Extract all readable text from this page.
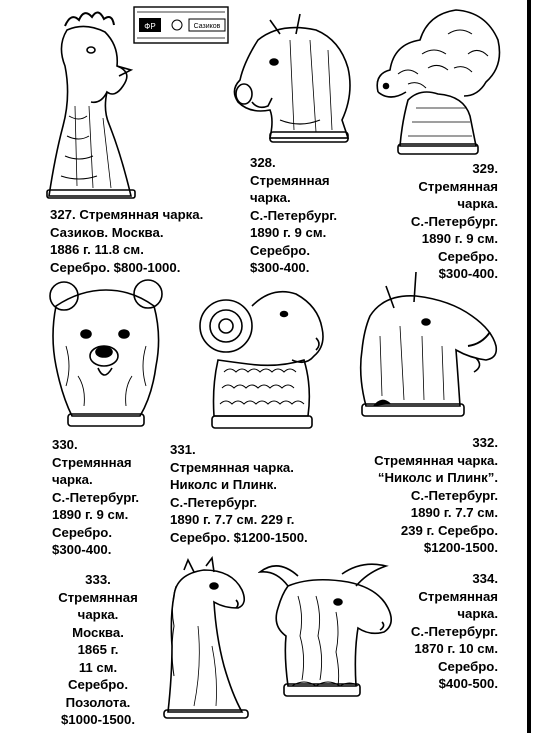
ФР	Сазиков
327. Стремянная чарка.
Сазиков. Москва.
1886 г. 11.8 см.
Серебро. $800-1000.
328.
Стремянная
чарка.
С.-Петербург.
1890 г. 9 см.
Серебро.
$300-400.
329.
Стремянная
чарка.
С.-Петербург.
1890 г. 9 см.
Серебро.
$300-400.
330.
Стремянная
чарка.
С.-Петербург.
1890 г. 9 см.
Серебро.
$300-400.
331.
Стремянная чарка.
Николс и Плинк.
С.-Петербург.
1890 г. 7.7 см. 229 г.
Серебро. $1200-1500.
332.
Стремянная чарка.
“Николс и Плинк”.
С.-Петербург.
1890 г. 7.7 см.
239 г. Серебро.
$1200-1500.
333.
Стремянная
чарка.
Москва.
1865 г.
11 см.
Серебро.
Позолота.
$1000-1500.
334.
Стремянная
чарка.
С.-Петербург.
1870 г. 10 см.
Серебро.
$400-500.
